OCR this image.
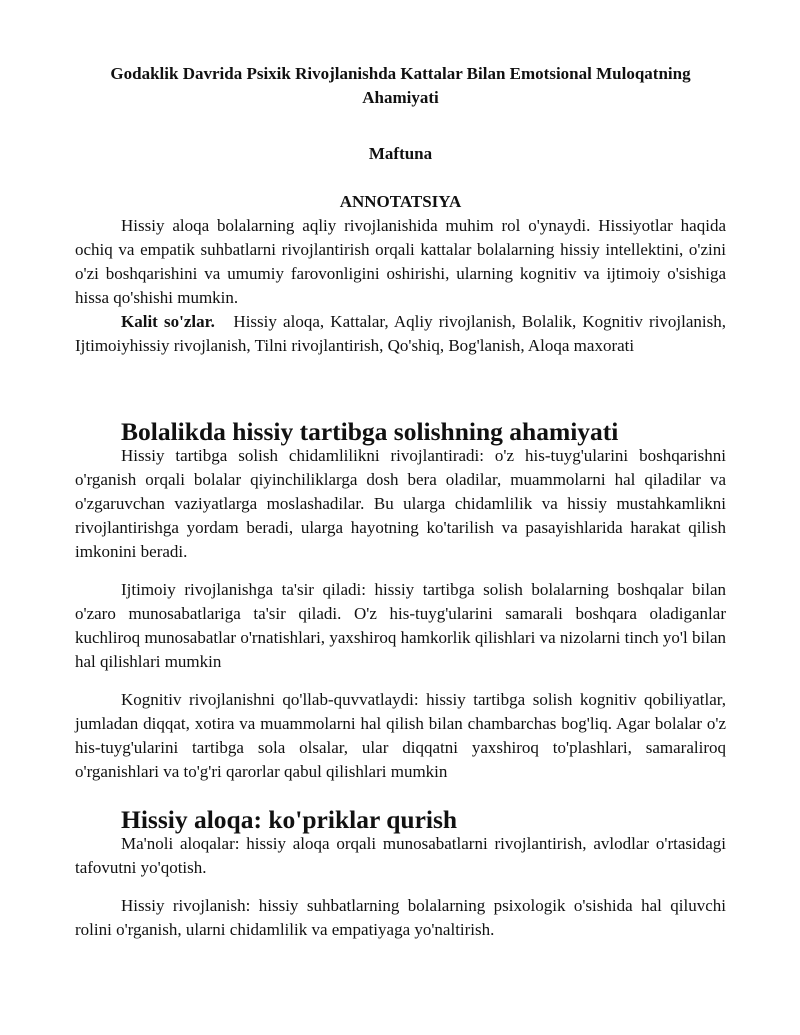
Godaklik Davrida Psixik Rivojlanishda Kattalar Bilan Emotsional Muloqatning Ahamiyati
Maftuna
ANNOTATSIYA

Hissiy aloqa bolalarning aqliy rivojlanishida muhim rol o'ynaydi. Hissiyotlar haqida ochiq va empatik suhbatlarni rivojlantirish orqali kattalar bolalarning hissiy intellektini, o'zini o'zi boshqarishini va umumiy farovonligini oshirishi, ularning kognitiv va ijtimoiy o'sishiga hissa qo'shishi mumkin.

Kalit so'zlar. Hissiy aloqa, Kattalar, Aqliy rivojlanish, Bolalik, Kognitiv rivojlanish, Ijtimoiyhissiy rivojlanish, Tilni rivojlantirish, Qo'shiq, Bog'lanish, Aloqa maxorati

Bolalikda hissiy tartibga solishning ahamiyati

Hissiy tartibga solish chidamlilikni rivojlantiradi: o'z his-tuyg'ularini boshqarishni o'rganish orqali bolalar qiyinchiliklarga dosh bera oladilar, muammolarni hal qiladilar va o'zgaruvchan vaziyatlarga moslashadilar. Bu ularga chidamlilik va hissiy mustahkamlikni rivojlantirishga yordam beradi, ularga hayotning ko'tarilish va pasayishlarida harakat qilish imkonini beradi.

Ijtimoiy rivojlanishga ta'sir qiladi: hissiy tartibga solish bolalarning boshqalar bilan o'zaro munosabatlariga ta'sir qiladi. O'z his-tuyg'ularini samarali boshqara oladiganlar kuchliroq munosabatlar o'rnatishlari, yaxshiroq hamkorlik qilishlari va nizolarni tinch yo'l bilan hal qilishlari mumkin

Kognitiv rivojlanishni qo'llab-quvvatlaydi: hissiy tartibga solish kognitiv qobiliyatlar, jumladan diqqat, xotira va muammolarni hal qilish bilan chambarchas bog'liq. Agar bolalar o'z his-tuyg'ularini tartibga sola olsalar, ular diqqatni yaxshiroq to'plashlari, samaraliroq o'rganishlari va to'g'ri qarorlar qabul qilishlari mumkin

Hissiy aloqa: ko'priklar qurish

Ma'noli aloqalar: hissiy aloqa orqali munosabatlarni rivojlantirish, avlodlar o'rtasidagi tafovutni yo'qotish.

Hissiy rivojlanish: hissiy suhbatlarning bolalarning psixologik o'sishida hal qiluvchi rolini o'rganish, ularni chidamlilik va empatiyaga yo'naltirish.
